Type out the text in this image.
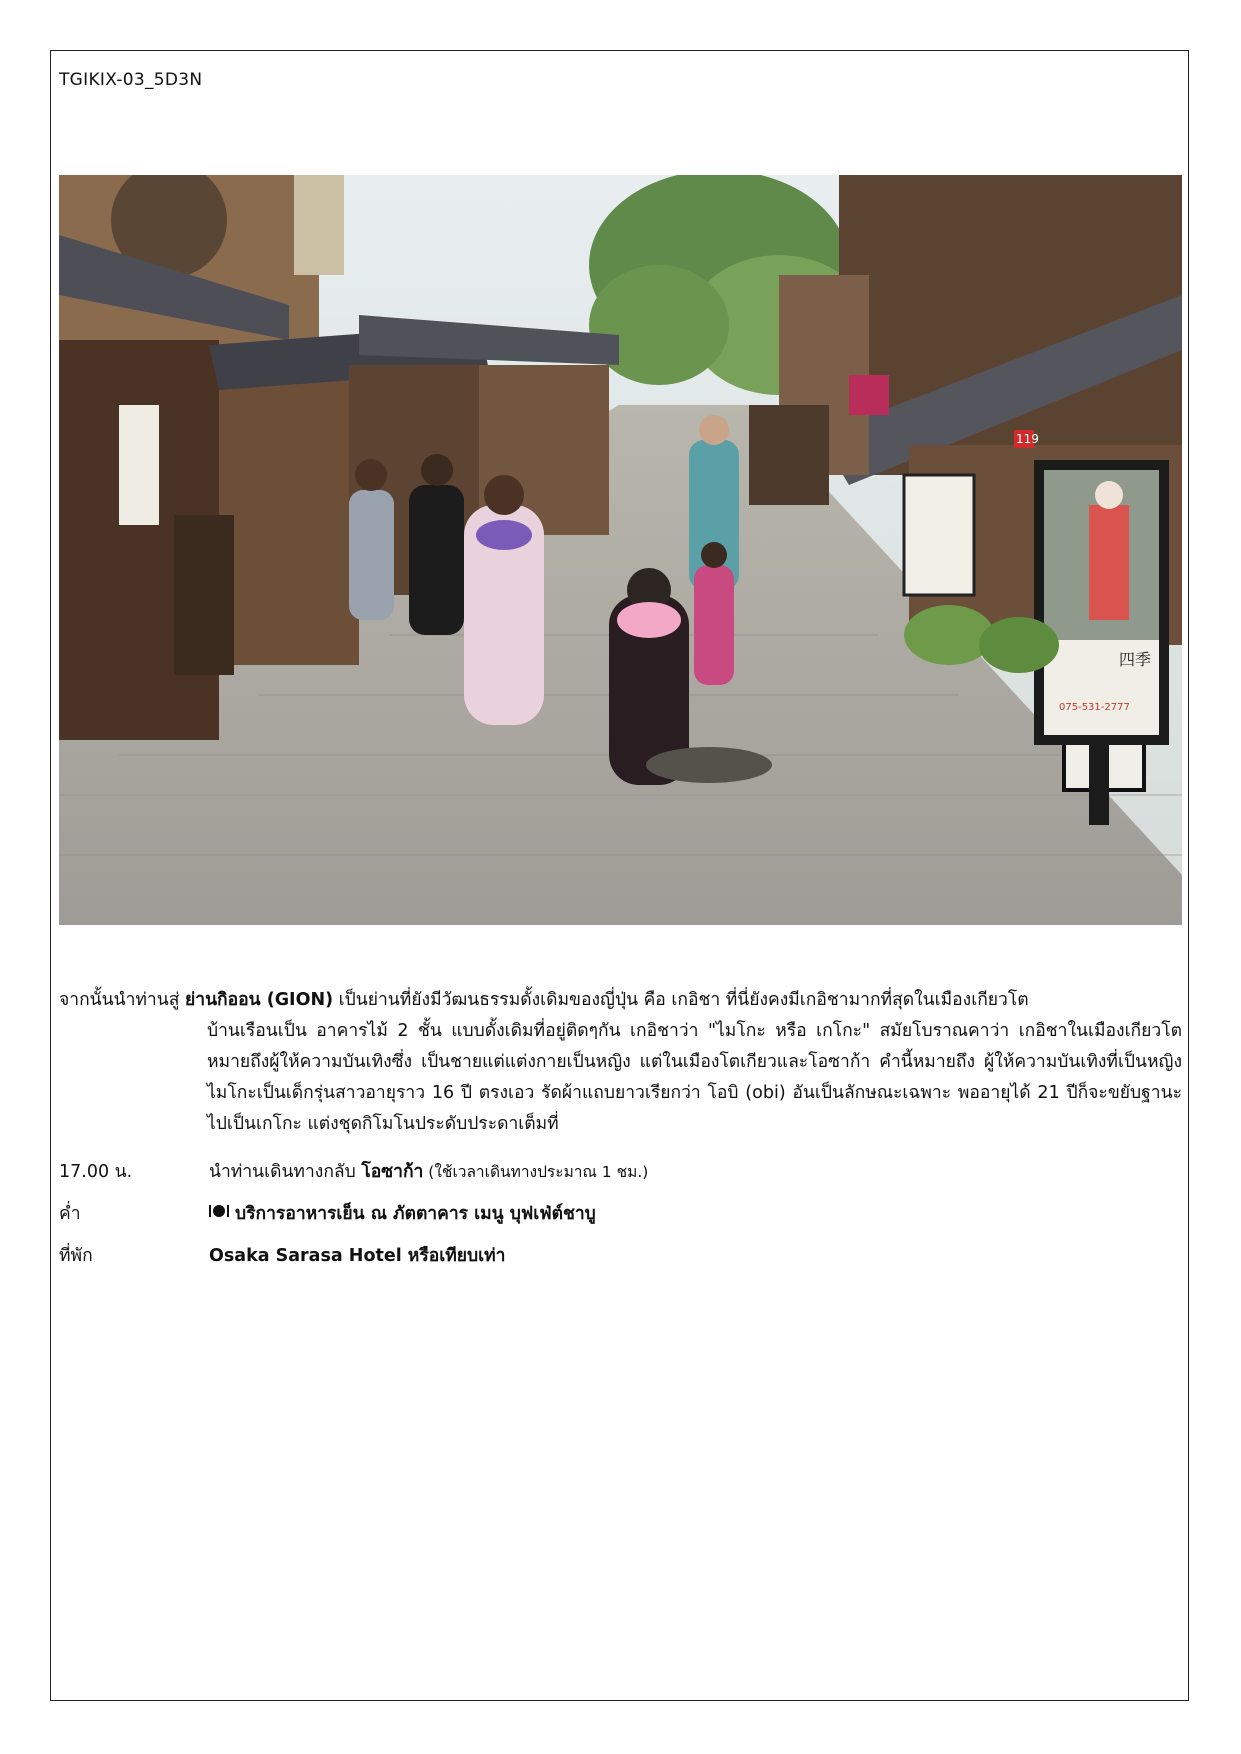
TGIKIX-03_5D3N
四季
075-531-2777
119
จากนั้นนำท่านสู่ ย่านกิออน (GION) เป็นย่านที่ยังมีวัฒนธรรมดั้งเดิมของญี่ปุ่น คือ เกอิชา ที่นี่ยังคงมีเกอิชามากที่สุดในเมืองเกียวโต
บ้านเรือนเป็น อาคารไม้ 2 ชั้น แบบดั้งเดิมที่อยู่ติดๆกัน เกอิชาว่า "ไมโกะ หรือ เกโกะ" สมัยโบราณคาว่า เกอิชาในเมืองเกียวโตหมายถึงผู้ให้ความบันเทิงซึ่ง เป็นชายแต่แต่งกายเป็นหญิง แต่ในเมืองโตเกียวและโอซาก้า คำนี้หมายถึง ผู้ให้ความบันเทิงที่เป็นหญิง ไมโกะเป็นเด็กรุ่นสาวอายุราว 16 ปี ตรงเอว รัดผ้าแถบยาวเรียกว่า โอบิ (obi) อันเป็นลักษณะเฉพาะ พออายุได้ 21 ปีก็จะขยับฐานะไปเป็นเกโกะ แต่งชุดกิโมโนประดับประดาเต็มที่
17.00 น.	นำท่านเดินทางกลับ โอซาก้า (ใช้เวลาเดินทางประมาณ 1 ชม.)
ค่ำ	บริการอาหารเย็น ณ ภัตตาคาร เมนู บุฟเฟ่ต์ชาบู
ที่พัก	Osaka Sarasa Hotel หรือเทียบเท่า
